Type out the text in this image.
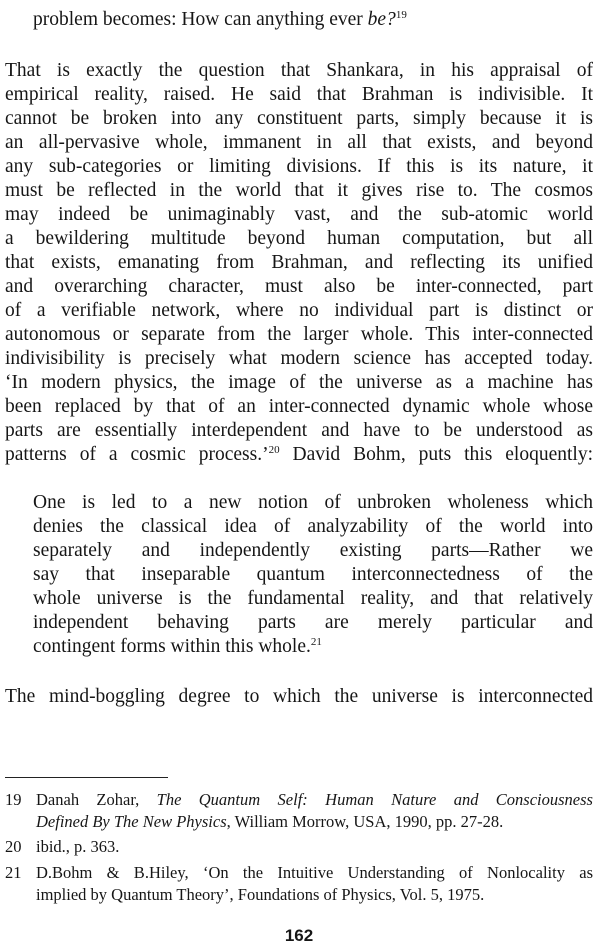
problem becomes: How can anything ever be?$^{19}$
That is exactly the question that Shankara, in his appraisal of
empirical reality, raised. He said that Brahman is indivisible. It
cannot be broken into any constituent parts, simply because it is
an all-pervasive whole, immanent in all that exists, and beyond
any sub-categories or limiting divisions. If this is its nature, it
must be reflected in the world that it gives rise to. The cosmos
may indeed be unimaginably vast, and the sub-atomic world
a bewildering multitude beyond human computation, but all
that exists, emanating from Brahman, and reflecting its unified
and overarching character, must also be inter-connected, part
of a verifiable network, where no individual part is distinct or
autonomous or separate from the larger whole. This inter-connected
indivisibility is precisely what modern science has accepted today.
‘In modern physics, the image of the universe as a machine has
been replaced by that of an inter-connected dynamic whole whose
parts are essentially interdependent and have to be understood as
patterns of a cosmic process.’$^{20}$ David Bohm, puts this eloquently:
One is led to a new notion of unbroken wholeness which
denies the classical idea of analyzability of the world into
separately and independently existing parts—Rather we
say that inseparable quantum interconnectedness of the
whole universe is the fundamental reality, and that relatively
independent behaving parts are merely particular and
contingent forms within this whole.$^{21}$
The mind-boggling degree to which the universe is interconnected
19 Danah Zohar, The Quantum Self: Human Nature and Consciousness
Defined By The New Physics, William Morrow, USA, 1990, pp. 27-28.
20 ibid., p. 363.
21 D.Bohm & B.Hiley, ‘On the Intuitive Understanding of Nonlocality as
implied by Quantum Theory’, Foundations of Physics, Vol. 5, 1975.
162
